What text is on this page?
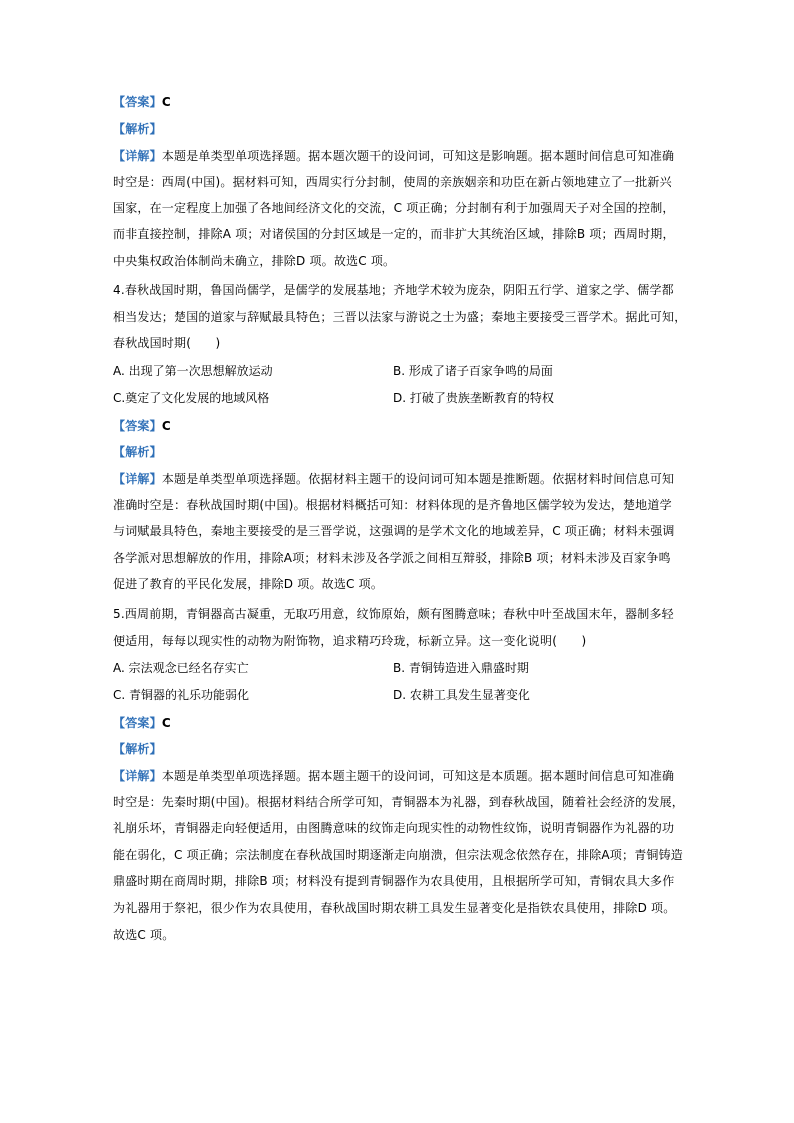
【答案】C
【解析】
【详解】本题是单类型单项选择题。据本题次题干的设问词，可知这是影响题。据本题时间信息可知准确
时空是：西周(中国)。据材料可知，西周实行分封制，使周的亲族姻亲和功臣在新占领地建立了一批新兴
国家，在一定程度上加强了各地间经济文化的交流，C 项正确；分封制有利于加强周天子对全国的控制，
而非直接控制，排除A 项；对诸侯国的分封区域是一定的，而非扩大其统治区域，排除B 项；西周时期，
中央集权政治体制尚未确立，排除D 项。故选C 项。
4.春秋战国时期，鲁国尚儒学，是儒学的发展基地；齐地学术较为庞杂，阴阳五行学、道家之学、儒学都
相当发达；楚国的道家与辞赋最具特色；三晋以法家与游说之士为盛；秦地主要接受三晋学术。据此可知，
春秋战国时期(　　)
A. 出现了第一次思想解放运动	B. 形成了诸子百家争鸣的局面
C.奠定了文化发展的地域风格	D. 打破了贵族垄断教育的特权
【答案】C
【解析】
【详解】本题是单类型单项选择题。依据材料主题干的设问词可知本题是推断题。依据材料时间信息可知
准确时空是：春秋战国时期(中国)。根据材料概括可知：材料体现的是齐鲁地区儒学较为发达，楚地道学
与词赋最具特色，秦地主要接受的是三晋学说，这强调的是学术文化的地域差异，C 项正确；材料未强调
各学派对思想解放的作用，排除A项；材料未涉及各学派之间相互辩驳，排除B 项；材料未涉及百家争鸣
促进了教育的平民化发展，排除D 项。故选C 项。
5.西周前期，青铜器高古凝重，无取巧用意，纹饰原始，颇有图腾意味；春秋中叶至战国末年，器制多轻
便适用，每每以现实性的动物为附饰物，追求精巧玲珑，标新立异。这一变化说明(　　)
A. 宗法观念已经名存实亡	B. 青铜铸造进入鼎盛时期
C. 青铜器的礼乐功能弱化	D. 农耕工具发生显著变化
【答案】C
【解析】
【详解】本题是单类型单项选择题。据本题主题干的设问词，可知这是本质题。据本题时间信息可知准确
时空是：先秦时期(中国)。根据材料结合所学可知，青铜器本为礼器，到春秋战国，随着社会经济的发展，
礼崩乐坏，青铜器走向轻便适用，由图腾意味的纹饰走向现实性的动物性纹饰，说明青铜器作为礼器的功
能在弱化，C 项正确；宗法制度在春秋战国时期逐渐走向崩溃，但宗法观念依然存在，排除A项；青铜铸造
鼎盛时期在商周时期，排除B 项；材料没有提到青铜器作为农具使用，且根据所学可知，青铜农具大多作
为礼器用于祭祀，很少作为农具使用，春秋战国时期农耕工具发生显著变化是指铁农具使用，排除D 项。
故选C 项。
